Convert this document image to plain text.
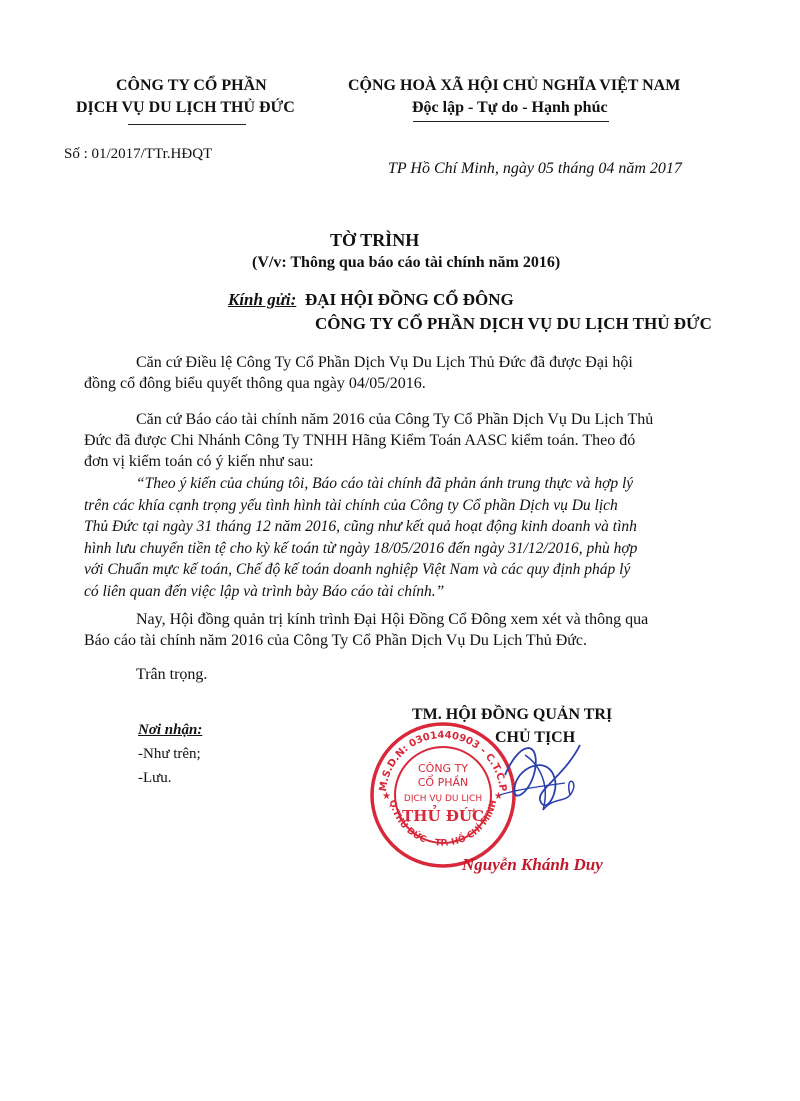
CÔNG TY CỔ PHẦN
DỊCH VỤ DU LỊCH THỦ ĐỨC
CỘNG HOÀ XÃ HỘI CHỦ NGHĨA VIỆT NAM
Độc lập - Tự do - Hạnh phúc
Số : 01/2017/TTr.HĐQT
TP Hồ Chí Minh, ngày 05 tháng 04 năm 2017
TỜ TRÌNH
(V/v: Thông qua báo cáo tài chính năm 2016)
Kính gửi: ĐẠI HỘI ĐỒNG CỔ ĐÔNG
CÔNG TY CỔ PHẦN DỊCH VỤ DU LỊCH THỦ ĐỨC
Căn cứ Điều lệ Công Ty Cổ Phần Dịch Vụ Du Lịch Thủ Đức đã được Đại hội
đồng cổ đông biểu quyết thông qua ngày 04/05/2016.
Căn cứ Báo cáo tài chính năm 2016 của Công Ty Cổ Phần Dịch Vụ Du Lịch Thủ
Đức đã được Chi Nhánh Công Ty TNHH Hãng Kiểm Toán AASC kiểm toán. Theo đó
đơn vị kiểm toán có ý kiến như sau:
“Theo ý kiến của chúng tôi, Báo cáo tài chính đã phản ánh trung thực và hợp lý
trên các khía cạnh trọng yếu tình hình tài chính của Công ty Cổ phần Dịch vụ Du lịch
Thủ Đức tại ngày 31 tháng 12 năm 2016, cũng như kết quả hoạt động kinh doanh và tình
hình lưu chuyển tiền tệ cho kỳ kế toán từ ngày 18/05/2016 đến ngày 31/12/2016, phù hợp
với Chuẩn mực kế toán, Chế độ kế toán doanh nghiệp Việt Nam và các quy định pháp lý
có liên quan đến việc lập và trình bày Báo cáo tài chính.”
Nay, Hội đồng quản trị kính trình Đại Hội Đồng Cổ Đông xem xét và thông qua
Báo cáo tài chính năm 2016 của Công Ty Cổ Phần Dịch Vụ Du Lịch Thủ Đức.
Trân trọng.
Nơi nhận:
-Như trên;
-Lưu.
TM. HỘI ĐỒNG QUẢN TRỊ
CHỦ TỊCH
M.S.D.N: 0301440903 - C.T.C.P
Q.THỦ ĐỨC - TP. HỒ CHÍ MINH
CÔNG TY
CỔ PHẦN
DỊCH VỤ DU LỊCH
THỦ ĐỨC
★	★
Nguyễn Khánh Duy
